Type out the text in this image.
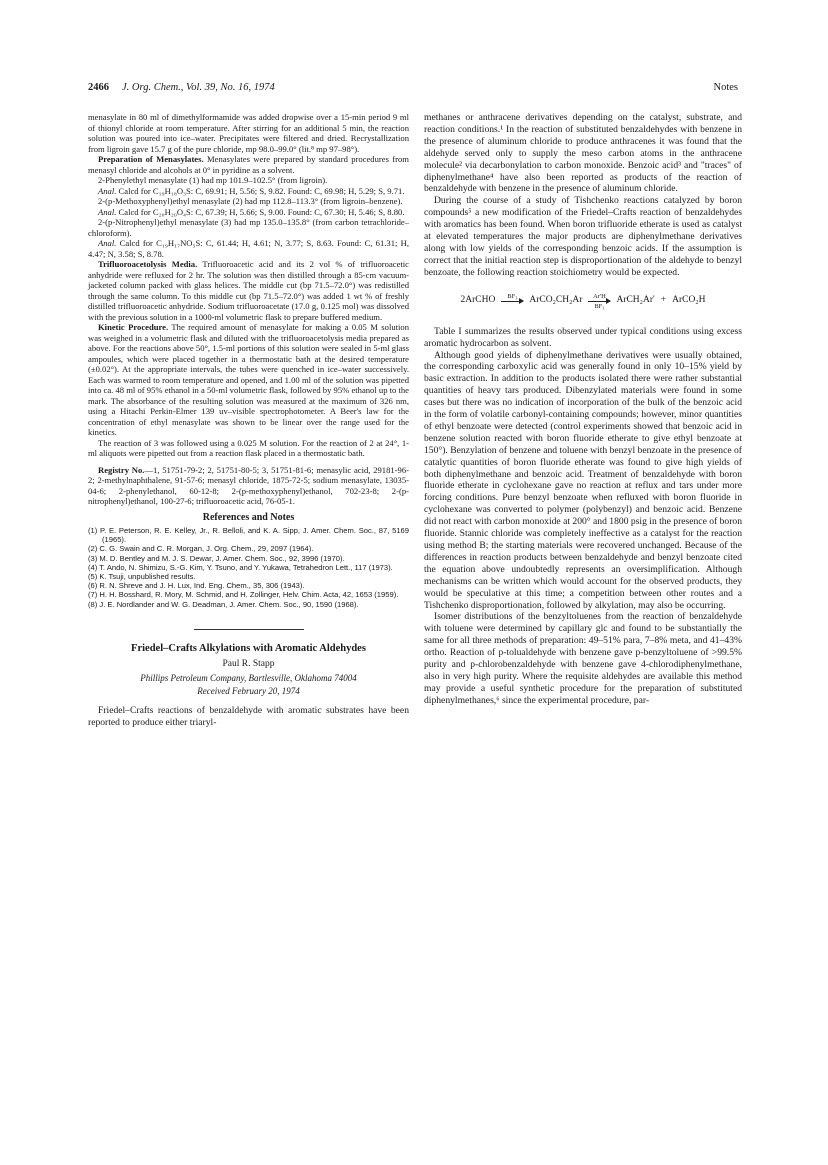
2466 J. Org. Chem., Vol. 39, No. 16, 1974	Notes

menasylate in 80 ml of dimethylformamide was added dropwise over a 15-min period 9 ml of thionyl chloride at room temperature. After stirring for an additional 5 min, the reaction solution was poured into ice–water. Precipitates were filtered and dried. Recrystallization from ligroin gave 15.7 g of the pure chloride, mp 98.0–99.0° (lit.⁸ mp 97–98°).

Preparation of Menasylates. Menasylates were prepared by standard procedures from menasyl chloride and alcohols at 0° in pyridine as a solvent.

2-Phenylethyl menasylate (1) had mp 101.9–102.5° (from ligroin).

Anal. Calcd for C₁₉H₁₈O₃S: C, 69.91; H, 5.56; S, 9.82. Found: C, 69.98; H, 5.29; S, 9.71.

2-(p-Methoxyphenyl)ethyl menasylate (2) had mp 112.8–113.3° (from ligroin–benzene).

Anal. Calcd for C₂₀H₂₀O₄S: C, 67.39; H, 5.66; S, 9.00. Found: C, 67.30; H, 5.46; S, 8.80.

2-(p-Nitrophenyl)ethyl menasylate (3) had mp 135.0–135.8° (from carbon tetrachloride–chloroform).

Anal. Calcd for C₁₉H₁₇NO₅S: C, 61.44; H, 4.61; N, 3.77; S, 8.63. Found: C, 61.31; H, 4.47; N, 3.58; S, 8.78.

Trifluoroacetolysis Media. Trifluoroacetic acid and its 2 vol % of trifluoroacetic anhydride were refluxed for 2 hr. The solution was then distilled through a 85-cm vacuum-jacketed column packed with glass helices. The middle cut (bp 71.5–72.0°) was redistilled through the same column. To this middle cut (bp 71.5–72.0°) was added 1 wt % of freshly distilled trifluoroacetic anhydride. Sodium trifluoroacetate (17.0 g, 0.125 mol) was dissolved with the previous solution in a 1000-ml volumetric flask to prepare buffered medium.

Kinetic Procedure. The required amount of menasylate for making a 0.05 M solution was weighed in a volumetric flask and diluted with the trifluoroacetolysis media prepared as above. For the reactions above 50°, 1.5-ml portions of this solution were sealed in 5-ml glass ampoules, which were placed together in a thermostatic bath at the desired temperature (±0.02°). At the appropriate intervals, the tubes were quenched in ice–water successively. Each was warmed to room temperature and opened, and 1.00 ml of the solution was pipetted into ca. 48 ml of 95% ethanol in a 50-ml volumetric flask, followed by 95% ethanol up to the mark. The absorbance of the resulting solution was measured at the maximum of 326 nm, using a Hitachi Perkin-Elmer 139 uv–visible spectrophotometer. A Beer's law for the concentration of ethyl menasylate was shown to be linear over the range used for the kinetics.

The reaction of 3 was followed using a 0.025 M solution. For the reaction of 2 at 24°, 1-ml aliquots were pipetted out from a reaction flask placed in a thermostatic bath.

Registry No.—1, 51751-79-2; 2, 51751-80-5; 3, 51751-81-6; menasylic acid, 29181-96-2; 2-methylnaphthalene, 91-57-6; menasyl chloride, 1875-72-5; sodium menasylate, 13035-04-6; 2-phenylethanol, 60-12-8; 2-(p-methoxyphenyl)ethanol, 702-23-8; 2-(p-nitrophenyl)ethanol, 100-27-6; trifluoroacetic acid, 76-05-1.

References and Notes
(1) P. E. Peterson, R. E. Kelley, Jr., R. Belloli, and K. A. Sipp, J. Amer. Chem. Soc., 87, 5169 (1965).
(2) C. G. Swain and C. R. Morgan, J. Org. Chem., 29, 2097 (1964).
(3) M. D. Bentley and M. J. S. Dewar, J. Amer. Chem. Soc., 92, 3996 (1970).
(4) T. Ando, N. Shimizu, S.-G. Kim, Y. Tsuno, and Y. Yukawa, Tetrahedron Lett., 117 (1973).
(5) K. Tsuji, unpublished results.
(6) R. N. Shreve and J. H. Lux, Ind. Eng. Chem., 35, 306 (1943).
(7) H. H. Bosshard, R. Mory, M. Schmid, and H. Zollinger, Helv. Chim. Acta, 42, 1653 (1959).
(8) J. E. Nordlander and W. G. Deadman, J. Amer. Chem. Soc., 90, 1590 (1968).
Friedel–Crafts Alkylations with Aromatic Aldehydes
Paul R. Stapp
Phillips Petroleum Company, Bartlesville, Oklahoma 74004
Received February 20, 1974

Friedel–Crafts reactions of benzaldehyde with aromatic substrates have been reported to produce either triaryl-

methanes or anthracene derivatives depending on the catalyst, substrate, and reaction conditions.¹ In the reaction of substituted benzaldehydes with benzene in the presence of aluminum chloride to produce anthracenes it was found that the aldehyde served only to supply the meso carbon atoms in the anthracene molecule² via decarbonylation to carbon monoxide. Benzoic acid³ and "traces" of diphenylmethane⁴ have also been reported as products of the reaction of benzaldehyde with benzene in the presence of aluminum chloride.

During the course of a study of Tishchenko reactions catalyzed by boron compounds⁵ a new modification of the Friedel–Crafts reaction of benzaldehydes with aromatics has been found. When boron trifluoride etherate is used as catalyst at elevated temperatures the major products are diphenylmethane derivatives along with low yields of the corresponding benzoic acids. If the assumption is correct that the initial reaction step is disproportionation of the aldehyde to benzyl benzoate, the following reaction stoichiometry would be expected.

2ArCHO BF₃
ArCO₂CH₂Ar Ar'H
BF₃
ArCH₂Ar' + ArCO₂H

Table I summarizes the results observed under typical conditions using excess aromatic hydrocarbon as solvent.

Although good yields of diphenylmethane derivatives were usually obtained, the corresponding carboxylic acid was generally found in only 10–15% yield by basic extraction. In addition to the products isolated there were rather substantial quantities of heavy tars produced. Dibenzylated materials were found in some cases but there was no indication of incorporation of the bulk of the benzoic acid in the form of volatile carbonyl-containing compounds; however, minor quantities of ethyl benzoate were detected (control experiments showed that benzoic acid in benzene solution reacted with boron fluoride etherate to give ethyl benzoate at 150°). Benzylation of benzene and toluene with benzyl benzoate in the presence of catalytic quantities of boron fluoride etherate was found to give high yields of both diphenylmethane and benzoic acid. Treatment of benzaldehyde with boron fluoride etherate in cyclohexane gave no reaction at reflux and tars under more forcing conditions. Pure benzyl benzoate when refluxed with boron fluoride in cyclohexane was converted to polymer (polybenzyl) and benzoic acid. Benzene did not react with carbon monoxide at 200° and 1800 psig in the presence of boron fluoride. Stannic chloride was completely ineffective as a catalyst for the reaction using method B; the starting materials were recovered unchanged. Because of the differences in reaction products between benzaldehyde and benzyl benzoate cited the equation above undoubtedly represents an oversimplification. Although mechanisms can be written which would account for the observed products, they would be speculative at this time; a competition between other routes and a Tishchenko disproportionation, followed by alkylation, may also be occurring.

Isomer distributions of the benzyltoluenes from the reaction of benzaldehyde with toluene were determined by capillary glc and found to be substantially the same for all three methods of preparation: 49–51% para, 7–8% meta, and 41–43% ortho. Reaction of p-tolualdehyde with benzene gave p-benzyltoluene of >99.5% purity and p-chlorobenzaldehyde with benzene gave 4-chlorodiphenylmethane, also in very high purity. Where the requisite aldehydes are available this method may provide a useful synthetic procedure for the preparation of substituted diphenylmethanes,⁶ since the experimental procedure, par-
